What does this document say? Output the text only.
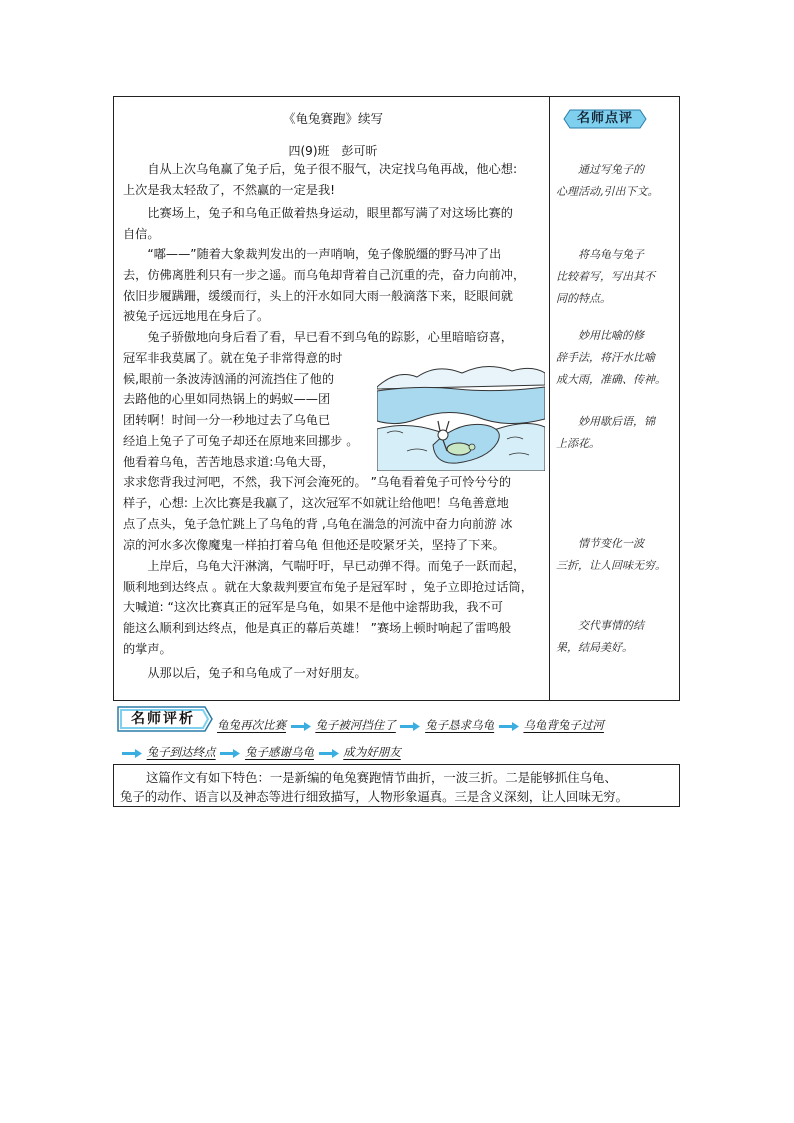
《龟兔赛跑》续写
四(9)班　彭可昕
　　自从上次乌龟赢了兔子后，兔子很不服气，决定找乌龟再战，他心想:
上次是我太轻敌了，不然赢的一定是我!
　　比赛场上，兔子和乌龟正做着热身运动，眼里都写满了对这场比赛的
自信。
　　“嘟——”随着大象裁判发出的一声哨响，兔子像脱缰的野马冲了出
去，仿佛离胜利只有一步之遥。而乌龟却背着自己沉重的壳，奋力向前冲，
依旧步履蹒跚，缓缓而行，头上的汗水如同大雨一般滴落下来，眨眼间就
被兔子远远地甩在身后了。
　　兔子骄傲地向身后看了看，早已看不到乌龟的踪影，心里暗暗窃喜，
冠军非我莫属了。就在兔子非常得意的时
候,眼前一条波涛汹涌的河流挡住了他的
去路他的心里如同热锅上的蚂蚁——团
团转啊！时间一分一秒地过去了乌龟已
经追上兔子了可兔子却还在原地来回挪步 。
他看着乌龟，苦苦地恳求道:乌龟大哥，
求求您背我过河吧，不然，我下河会淹死的。 ”乌龟看着兔子可怜兮兮的
样子，心想: 上次比赛是我赢了，这次冠军不如就让给他吧！乌龟善意地
点了点头，兔子急忙跳上了乌龟的背 ,乌龟在湍急的河流中奋力向前游 冰
凉的河水多次像魔鬼一样拍打着乌龟 但他还是咬紧牙关，坚持了下来。
　　上岸后，乌龟大汗淋漓，气喘吁吁，早已动弹不得。而兔子一跃而起，
顺利地到达终点 。就在大象裁判要宣布兔子是冠军时 ，兔子立即抢过话筒，
大喊道: “这次比赛真正的冠军是乌龟，如果不是他中途帮助我，我不可
能这么顺利到达终点，他是真正的幕后英雄！ ”赛场上顿时响起了雷鸣般
的掌声。
　　从那以后，兔子和乌龟成了一对好朋友。
名师点评
通过写兔子的
心理活动,引出下文。
将乌龟与兔子
比较着写，写出其不
同的特点。
妙用比喻的修
辞手法，将汗水比喻
成大雨，准确、传神。
妙用歇后语，锦
上添花。
情节变化一波
三折，让人回味无穷。
交代事情的结
果，结局美好。
名师评析	龟兔再次比赛	兔子被河挡住了	兔子恳求乌龟	乌龟背兔子过河
兔子到达终点	兔子感谢乌龟	成为好朋友
这篇作文有如下特色：一是新编的龟兔赛跑情节曲折，一波三折。二是能够抓住乌龟、
兔子的动作、语言以及神态等进行细致描写，人物形象逼真。三是含义深刻，让人回味无穷。
